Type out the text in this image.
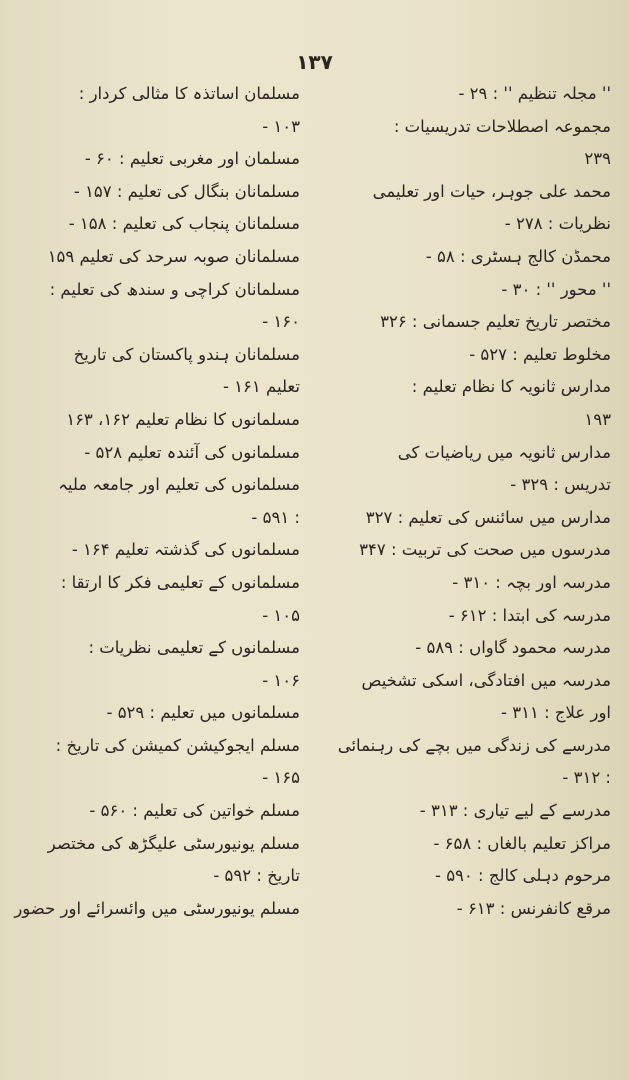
۱۳۷
'' مجلہ تنظیم '' : ۲۹ -
مجموعہ اصطلاحات تدریسیات :
۲۳۹
محمد علی جوہر، حیات اور تعلیمی
نظریات : ۲۷۸ -
محمڈن کالج ہسٹری : ۵۸ -
'' محور '' : ۳۰ -
مختصر تاریخ تعلیم جسمانی : ۳۲۶
مخلوط تعلیم : ۵۲۷ -
مدارس ثانویہ کا نظام تعلیم :
۱۹۳
مدارس ثانویہ میں ریاضیات کی
تدریس : ۳۲۹ -
مدارس میں سائنس کی تعلیم : ۳۲۷
مدرسوں میں صحت کی تربیت : ۳۴۷
مدرسہ اور بچہ : ۳۱۰ -
مدرسہ کی ابتدا : ۶۱۲ -
مدرسہ محمود گاواں : ۵۸۹ -
مدرسہ میں افتادگی، اسکی تشخیص
اور علاج : ۳۱۱ -
مدرسے کی زندگی میں بچے کی رہنمائی
: ۳۱۲ -
مدرسے کے لیے تیاری : ۳۱۳ -
مراکز تعلیم بالغاں : ۶۵۸ -
مرحوم دہلی کالج : ۵۹۰ -
مرقع کانفرنس : ۶۱۳ -
مسلمان اساتذہ کا مثالی کردار :
۱۰۳ -
مسلمان اور مغربی تعلیم : ۶۰ -
مسلمانان بنگال کی تعلیم : ۱۵۷ -
مسلمانان پنجاب کی تعلیم : ۱۵۸ -
مسلمانان صوبہ سرحد کی تعلیم ۱۵۹
مسلمانان کراچی و سندھ کی تعلیم :
۱۶۰ -
مسلمانان ہندو پاکستان کی تاریخ
تعلیم ۱۶۱ -
مسلمانوں کا نظام تعلیم ۱۶۲، ۱۶۳
مسلمانوں کی آئندہ تعلیم ۵۲۸ -
مسلمانوں کی تعلیم اور جامعہ ملیہ
: ۵۹۱ -
مسلمانوں کی گذشتہ تعلیم ۱۶۴ -
مسلمانوں کے تعلیمی فکر کا ارتقا :
۱۰۵ -
مسلمانوں کے تعلیمی نظریات :
۱۰۶ -
مسلمانوں میں تعلیم : ۵۲۹ -
مسلم ایجوکیشن کمیشن کی تاریخ :
۱۶۵ -
مسلم خواتین کی تعلیم : ۵۶۰ -
مسلم یونیورسٹی علیگڑھ کی مختصر
تاریخ : ۵۹۲ -
مسلم یونیورسٹی میں وائسرائے اور حضور
